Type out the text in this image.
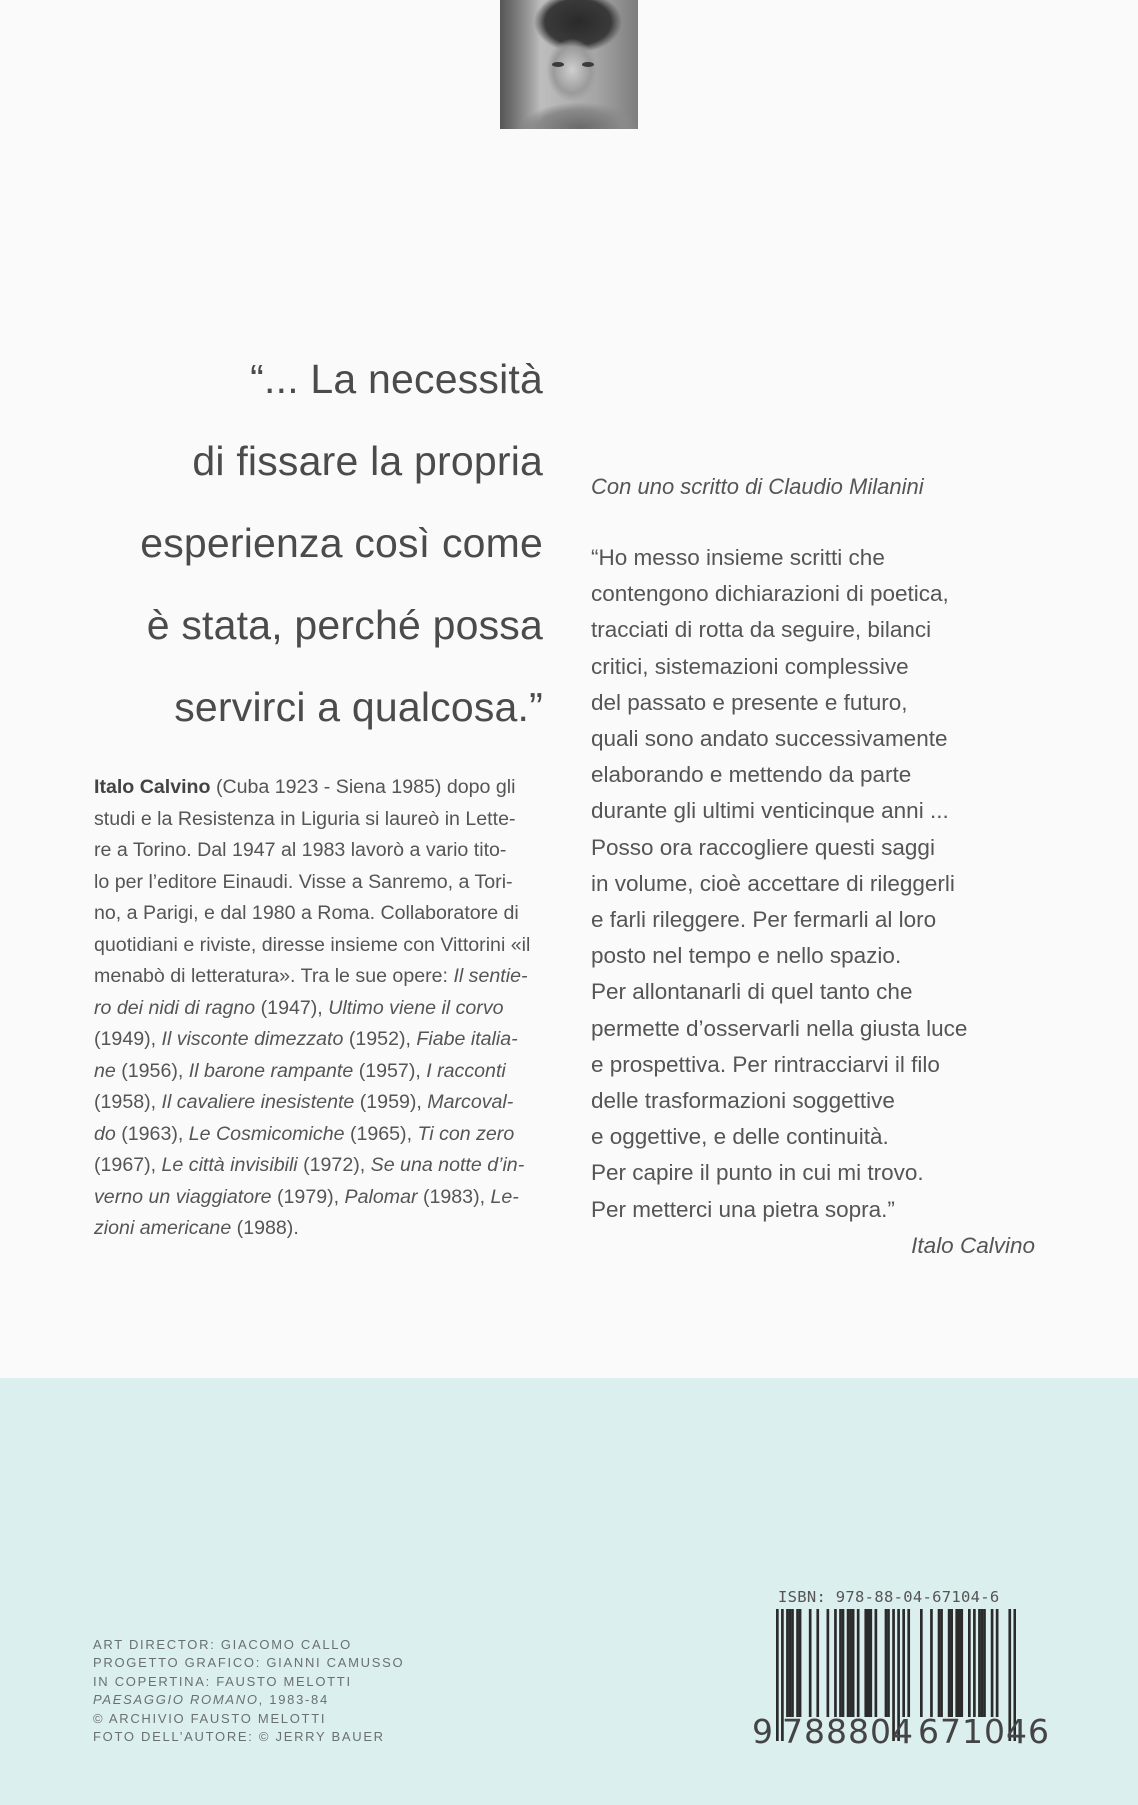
“... La necessità
di fissare la propria
esperienza così come
è stata, perché possa
servirci a qualcosa.”
Italo Calvino (Cuba 1923 - Siena 1985) dopo gli
studi e la Resistenza in Liguria si laureò in Lette-
re a Torino. Dal 1947 al 1983 lavorò a vario tito-
lo per l’editore Einaudi. Visse a Sanremo, a Tori-
no, a Parigi, e dal 1980 a Roma. Collaboratore di
quotidiani e riviste, diresse insieme con Vittorini «il
menabò di letteratura». Tra le sue opere: Il sentie-
ro dei nidi di ragno (1947), Ultimo viene il corvo
(1949), Il visconte dimezzato (1952), Fiabe italia-
ne (1956), Il barone rampante (1957), I racconti
(1958), Il cavaliere inesistente (1959), Marcoval-
do (1963), Le Cosmicomiche (1965), Ti con zero
(1967), Le città invisibili (1972), Se una notte d’in-
verno un viaggiatore (1979), Palomar (1983), Le-
zioni americane (1988).
Con uno scritto di Claudio Milanini
“Ho messo insieme scritti che
contengono dichiarazioni di poetica,
tracciati di rotta da seguire, bilanci
critici, sistemazioni complessive
del passato e presente e futuro,
quali sono andato successivamente
elaborando e mettendo da parte
durante gli ultimi venticinque anni ...
Posso ora raccogliere questi saggi
in volume, cioè accettare di rileggerli
e farli rileggere. Per fermarli al loro
posto nel tempo e nello spazio.
Per allontanarli di quel tanto che
permette d’osservarli nella giusta luce
e prospettiva. Per rintracciarvi il filo
delle trasformazioni soggettive
e oggettive, e delle continuità.
Per capire il punto in cui mi trovo.
Per metterci una pietra sopra.”
Italo Calvino
ART DIRECTOR: GIACOMO CALLO
PROGETTO GRAFICO: GIANNI CAMUSSO
IN COPERTINA: FAUSTO MELOTTI
PAESAGGIO ROMANO, 1983-84
© ARCHIVIO FAUSTO MELOTTI
FOTO DELL’AUTORE: © JERRY BAUER
ISBN: 978-88-04-67104-6
9 788804 671046
